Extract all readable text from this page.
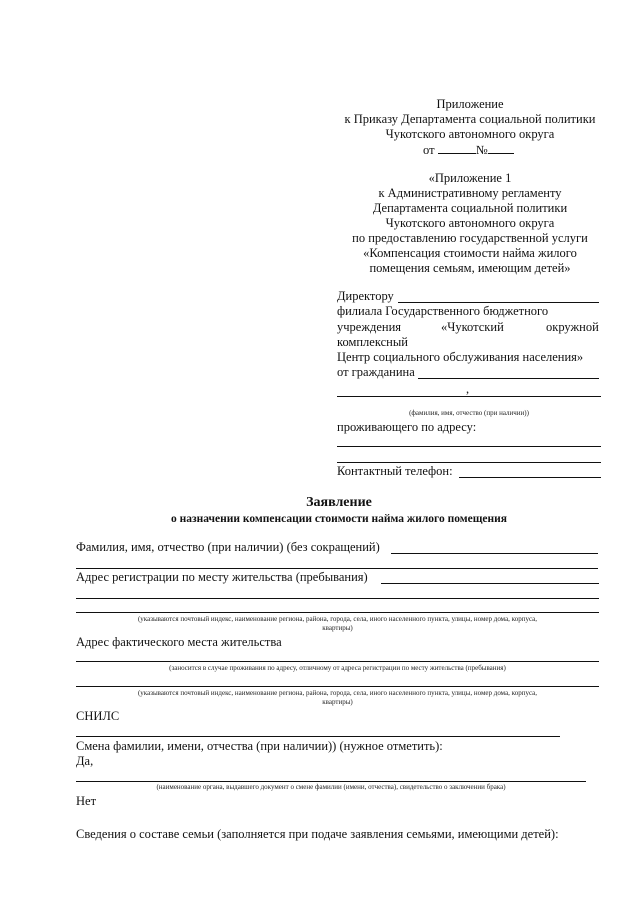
Приложение
к Приказу Департамента социальной политики
Чукотского автономного округа
от	№
«Приложение 1
к Административному регламенту
Департамента социальной политики
Чукотского автономного округа
по предоставлению государственной услуги
«Компенсация стоимости найма жилого
помещения семьям, имеющим детей»
Директору
филиала Государственного бюджетного
учреждения	«Чукотский	окружной
комплексный
Центр социального обслуживания населения»
от гражданина
,
(фамилия, имя, отчество (при наличии))
проживающего по адресу:
Контактный телефон:
Заявление
о назначении компенсации стоимости найма жилого помещения
Фамилия, имя, отчество (при наличии) (без сокращений)
Адрес регистрации по месту жительства (пребывания)
(указываются почтовый индекс, наименование региона, района, города, села, иного населенного пункта, улицы, номер дома, корпуса,
квартиры)
Адрес фактического места жительства
(заносится в случае проживания по адресу, отличному от адреса регистрации по месту жительства (пребывания)
(указываются почтовый индекс, наименование региона, района, города, села, иного населенного пункта, улицы, номер дома, корпуса,
квартиры)
СНИЛС
Смена фамилии, имени, отчества (при наличии)) (нужное отметить):
Да,
(наименование органа, выдавшего документ о смене фамилии (имени, отчества), свидетельство о заключении брака)
Нет
Сведения о составе семьи (заполняется при подаче заявления семьями, имеющими детей):
